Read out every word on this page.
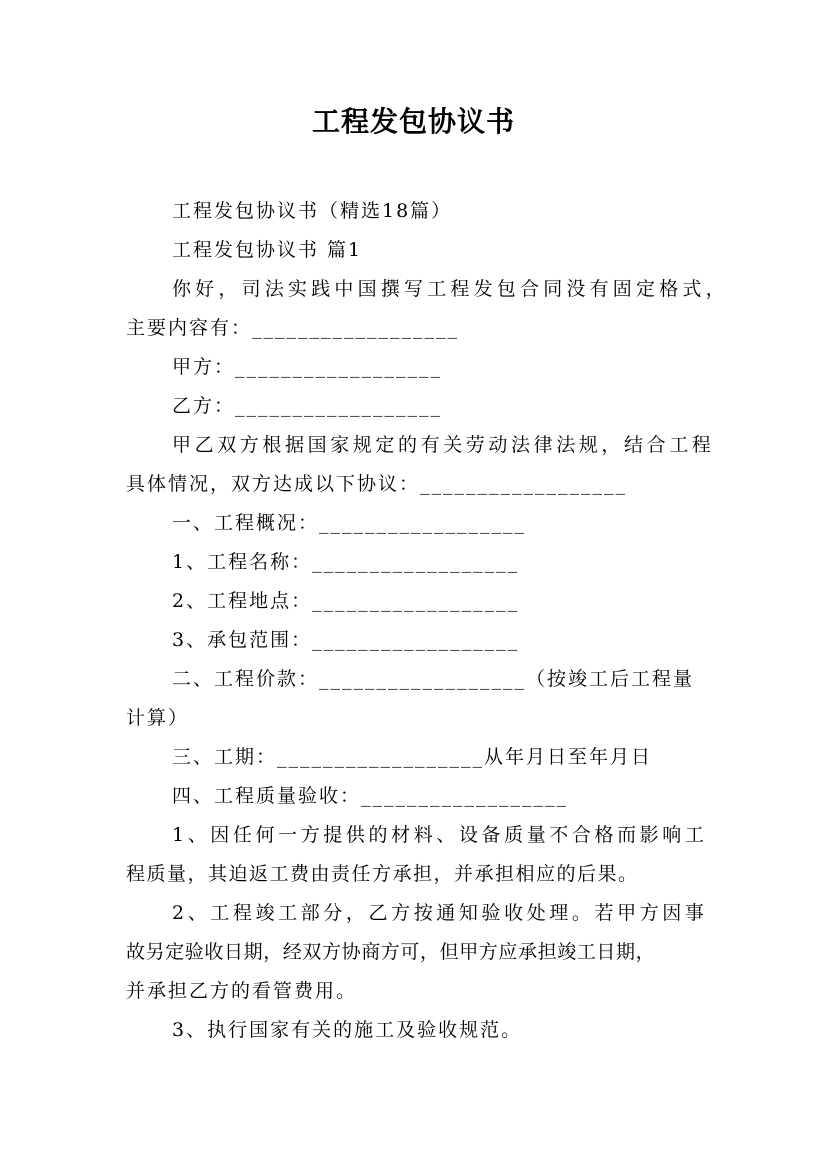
工程发包协议书
工程发包协议书（精选18篇）
工程发包协议书 篇1
你好，司法实践中国撰写工程发包合同没有固定格式，
主要内容有：__________________
甲方：__________________
乙方：__________________
甲乙双方根据国家规定的有关劳动法律法规，结合工程
具体情况，双方达成以下协议：__________________
一、工程概况：__________________
1、工程名称：__________________
2、工程地点：__________________
3、承包范围：__________________
二、工程价款：__________________（按竣工后工程量
计算）
三、工期：__________________从年月日至年月日
四、工程质量验收：__________________
1、因任何一方提供的材料、设备质量不合格而影响工
程质量，其迫返工费由责任方承担，并承担相应的后果。
2、工程竣工部分，乙方按通知验收处理。若甲方因事
故另定验收日期，经双方协商方可，但甲方应承担竣工日期，
并承担乙方的看管费用。
3、执行国家有关的施工及验收规范。
